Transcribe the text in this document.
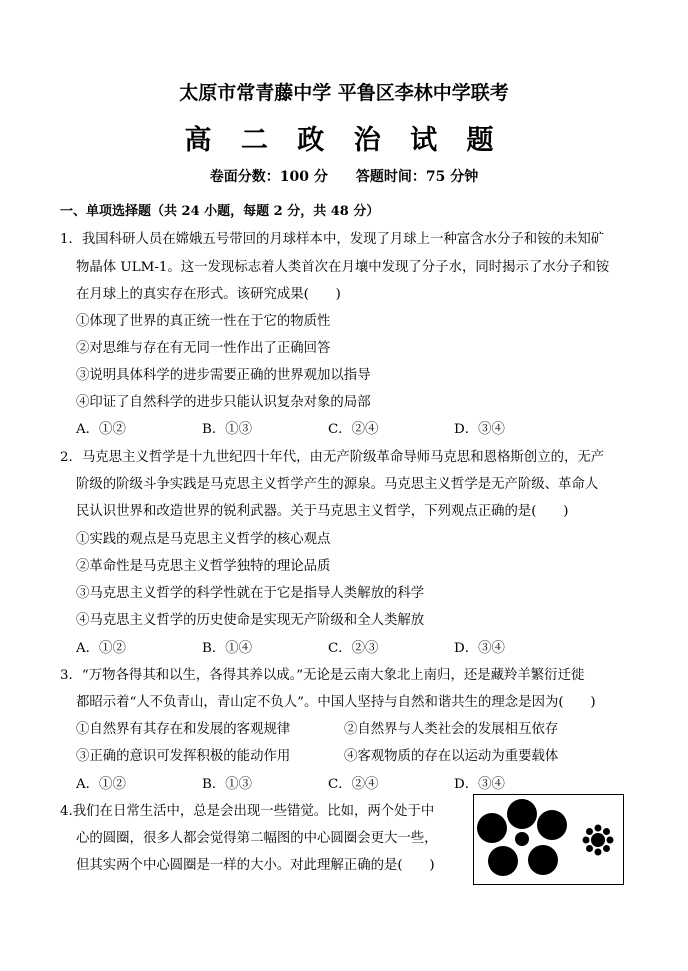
太原市常青藤中学 平鲁区李林中学联考
高 二 政 治 试 题
卷面分数：100 分 答题时间：75 分钟
一、单项选择题（共 24 小题，每题 2 分，共 48 分）
1．我国科研人员在嫦娥五号带回的月球样本中，发现了月球上一种富含水分子和铵的未知矿
物晶体 ULM-1。这一发现标志着人类首次在月壤中发现了分子水，同时揭示了水分子和铵
在月球上的真实存在形式。该研究成果(　　)
①体现了世界的真正统一性在于它的物质性
②对思维与存在有无同一性作出了正确回答
③说明具体科学的进步需要正确的世界观加以指导
④印证了自然科学的进步只能认识复杂对象的局部
A．①②	B．①③	C．②④	D．③④
2．马克思主义哲学是十九世纪四十年代，由无产阶级革命导师马克思和恩格斯创立的，无产
阶级的阶级斗争实践是马克思主义哲学产生的源泉。马克思主义哲学是无产阶级、革命人
民认识世界和改造世界的锐利武器。关于马克思主义哲学，下列观点正确的是(　　)
①实践的观点是马克思主义哲学的核心观点
②革命性是马克思主义哲学独特的理论品质
③马克思主义哲学的科学性就在于它是指导人类解放的科学
④马克思主义哲学的历史使命是实现无产阶级和全人类解放
A．①②	B．①④	C．②③	D．③④
3．“万物各得其和以生，各得其养以成。”无论是云南大象北上南归，还是藏羚羊繁衍迁徙
都昭示着“人不负青山，青山定不负人”。中国人坚持与自然和谐共生的理念是因为(　　)
①自然界有其存在和发展的客观规律	②自然界与人类社会的发展相互依存
③正确的意识可发挥积极的能动作用	④客观物质的存在以运动为重要载体
A．①②	B．①③	C．②④	D．③④
4.我们在日常生活中，总是会出现一些错觉。比如，两个处于中
心的圆圈，很多人都会觉得第二幅图的中心圆圈会更大一些，
但其实两个中心圆圈是一样的大小。对此理解正确的是(　　)
